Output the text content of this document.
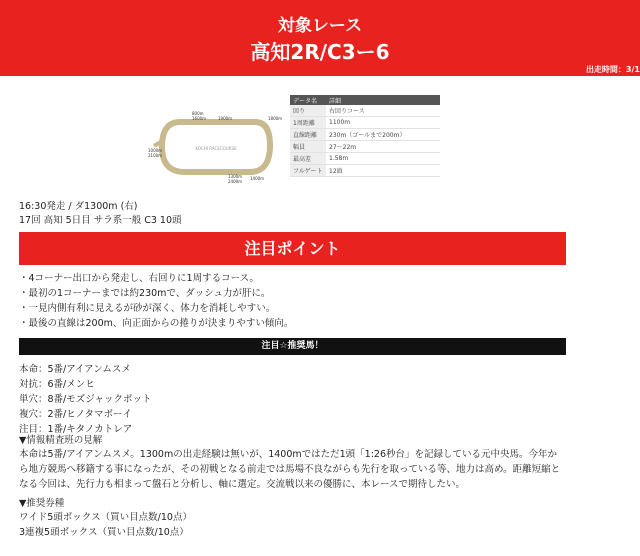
対象レース
高知2R/C3ー6
出走時間：3/1
KOCHI RACECOURSE
800m
1600m	1900m	1800m
1300m
2400m
1400m
1000m
2100m
データ名	詳細
回り	右回りコース
1周距離	1100m
直線距離	230m（ゴールまで200m）
幅員	27〜22m
最高差	1.58m
フルゲート	12頭
16:30発走 / ダ1300m (右)
17回 高知 5日目 サラ系一般 C3 10頭
注目ポイント
・4コーナー出口から発走し、右回りに1周するコース。
・最初の1コーナーまでは約230mで、ダッシュ力が肝に。
・一見内側有利に見えるが砂が深く、体力を消耗しやすい。
・最後の直線は200m、向正面からの捲りが決まりやすい傾向。
注目☆推奨馬！
本命：5番/アイアンムスメ
対抗：6番/メンヒ
単穴：8番/モズジャックポット
複穴：2番/ヒノタマボーイ
注目：1番/キタノカトレア
▼情報精査班の見解
本命は5番/アイアンムスメ。1300mの出走経験は無いが、1400mではただ1頭「1:26秒台」を記録している元中央馬。今年から地方競馬へ移籍する事になったが、その初戦となる前走では馬場不良ながらも先行を取っている等、地力は高め。距離短縮となる今回は、先行力も相まって盤石と分析し、軸に選定。交流戦以来の優勝に、本レースで期待したい。
▼推奨券種
ワイド5頭ボックス（買い目点数/10点）
3連複5頭ボックス（買い目点数/10点）
